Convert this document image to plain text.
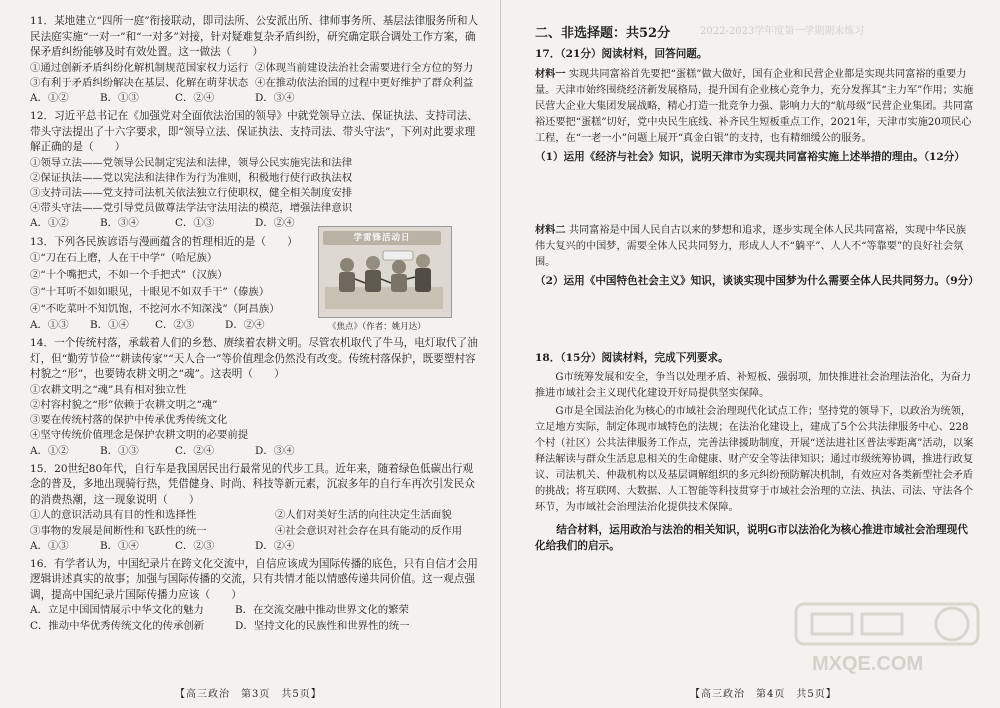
11．某地建立“四所一庭”衔接联动，即司法所、公安派出所、律师事务所、基层法律服务所和人民法庭实施“一对一”和“一对多”対接，针对疑难复杂矛盾纠纷，研究确定联合调处工作方案，确保矛盾纠纷能够及时有效处置。这一做法（　　）

①通过创新矛盾纠纷化解机制规范国家权力运行 ②体现当前建设法治社会需要进行全方位的努力
③有利于矛盾纠纷解决在基层、化解在萌芽状态 ④在推动依法治国的过程中更好维护了群众利益
A．①②	B．①③	C．②④	D．③④

12．习近平总书记在《加强党对全面依法治国的领导》中就党领导立法、保证执法、支持司法、带头守法提出了十六字要求，即“领导立法、保证执法、支持司法、带头守法”，下列对此要求理解正确的是（　　）

①领导立法——党领导公民制定宪法和法律，领导公民实施宪法和法律

②保证执法——党以宪法和法律作为行为准则，积极地行使行政执法权

③支持司法——党支持司法机关依法独立行使职权，健全相关制度安排

④带头守法——党引导党员做尊法学法守法用法的模范，增强法律意识

A．①②	B．③④	C．①③	D．②④

13．下列各民族谚语与漫画蕴含的哲理相近的是（　　）

①“刀在石上磨，人在干中学”（哈尼族）

②“十个嘴把式，不如一个手把式”（汉族）

③“十耳听不如如眼见，十眼见不如双手干”（傣族）

④“不吃菜叶不知饥饱，不挖河水不知深浅”（阿昌族）

A．①③	B．①④	C．②③	D．②④

14．一个传统村落，承载着人们的乡愁、赓续着农耕文明。尽管农机取代了牛马，电灯取代了油灯，但“勤劳节俭”“耕读传家”“天人合一”等价值理念仍然没有改变。传统村落保护，既要塑村容村貌之“形”，也要铸农耕文明之“魂”。这表明（　　）

①农耕文明之“魂”具有相对独立性

②村容村貌之“形”依赖于农耕文明之“魂”

③要在传统村落的保护中传承优秀传统文化

④坚守传统价值理念是保护农耕文明的必要前提

A．①②	B．①③	C．②④	D．③④

15．20世纪80年代，自行车是我国居民出行最常见的代步工具。近年来，随着绿色低碳出行观念的普及，多地出现骑行热，凭借健身、时尚、科技等新元素，沉寂多年的自行车再次引发民众的消费热潮，这一现象说明（　　）

①人的意识活动具有目的性和选择性	②人们对美好生活的向往决定生活面貌
③事物的发展是间断性和飞跃性的统一	④社会意识对社会存在具有能动的反作用
A．①③	B．①④	C．②③	D．②④

16．有学者认为，中国纪录片在跨文化交流中，自信应该成为国际传播的底色，只有自信才会用逻辑讲述真实的故事；加强与国际传播的交流，只有共情才能以情感传递共同价值。这一观点强调，提高中国纪录片国际传播力应该（　　）

A．立足中国国情展示中华文化的魅力	B．在交流交融中推动世界文化的繁荣
C．推动中华优秀传统文化的传承创新	D．坚持文化的民族性和世界性的统一
学雷锋活动日
《焦点》（作者：姚月达）
【高三政治　第3页　共5页】
2022-2023学年度第一学期期末练习
二、非选择题：共52分
17．（21分）阅读材料，回答问题。
材料一 实现共同富裕首先要把“蛋糕”做大做好，国有企业和民营企业都是实现共同富裕的重要力量。天津市始终围绕经济新发展格局，提升国有企业核心竞争力，充分发挥其“主力军”作用；实施民营大企业大集团发展战略，精心打造一批竞争力强、影响力大的“航母级”民营企业集团。共同富裕还要把“蛋糕”切好，党中央民生底线、补齐民生短板重点工作，2021年，天津市实施20项民心工程，在“一老一小”问题上展开“真金白银”的支持，也有精细缓公的服务。
（1）运用《经济与社会》知识，说明天津市为实现共同富裕实施上述举措的理由。（12分）
材料二 共同富裕是中国人民自古以来的梦想和追求，逐步实现全体人民共同富裕，实现中华民族伟大复兴的中国梦，需要全体人民共同努力，形成人人不“躺平”、人人不“等靠要”的良好社会氛围。
（2）运用《中国特色社会主义》知识，谈谈实现中国梦为什么需要全体人民共同努力。（9分）
18．（15分）阅读材料，完成下列要求。
G市统筹发展和安全，争当以处理矛盾、补短板、强弱项，加快推进社会治理法治化，为奋力推进市域社会主义现代化建设开好局提供坚实保障。
G市是全国法治化为核心的市域社会治理现代化试点工作；坚持党的领导下，以政治为统领，立足地方实际，制定体现市域特色的法规；在法治化建设上，建成了5个公共法律服务中心、228个村（社区）公共法律服务工作点，完善法律援助制度，开展“送法进社区普法零距离”活动，以案释法解读与群众生活息息相关的生命健康、财产安全等法律知识；通过市级统筹协调，推进行政复议、司法机关、仲裁机构以及基层调解组织的多元纠纷预防解决机制，有效应对各类新型社会矛盾的挑战；将互联网、大数据、人工智能等科技贯穿于市域社会治理的立法、执法、司法、守法各个环节，为市域社会治理法治化提供技术保障。
结合材料，运用政治与法治的相关知识，说明G市以法治化为核心推进市域社会治理现代化给我们的启示。
【高三政治　第4页　共5页】
MXQE.COM
